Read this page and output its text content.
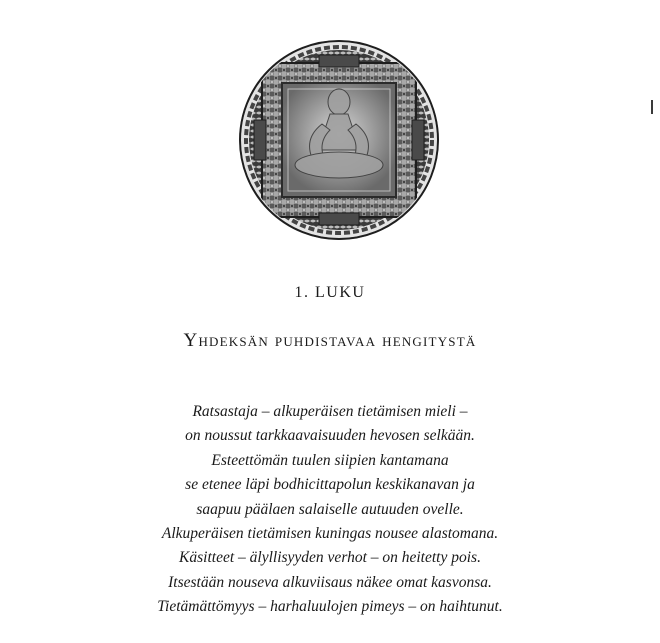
1. LUKU
Yhdeksän puhdistavaa hengitystä
Ratsastaja – alkuperäisen tietämisen mieli –
on noussut tarkkaavaisuuden hevosen selkään.
Esteettömän tuulen siipien kantamana
se etenee läpi bodhicittapolun keskikanavan ja
saapuu päälaen salaiselle autuuden ovelle.
Alkuperäisen tietämisen kuningas nousee alastomana.
Käsitteet – älyllisyyden verhot – on heitetty pois.
Itsestään nouseva alkuviisaus näkee omat kasvonsa.
Tietämättömyys – harhaluulojen pimeys – on haihtunut.
